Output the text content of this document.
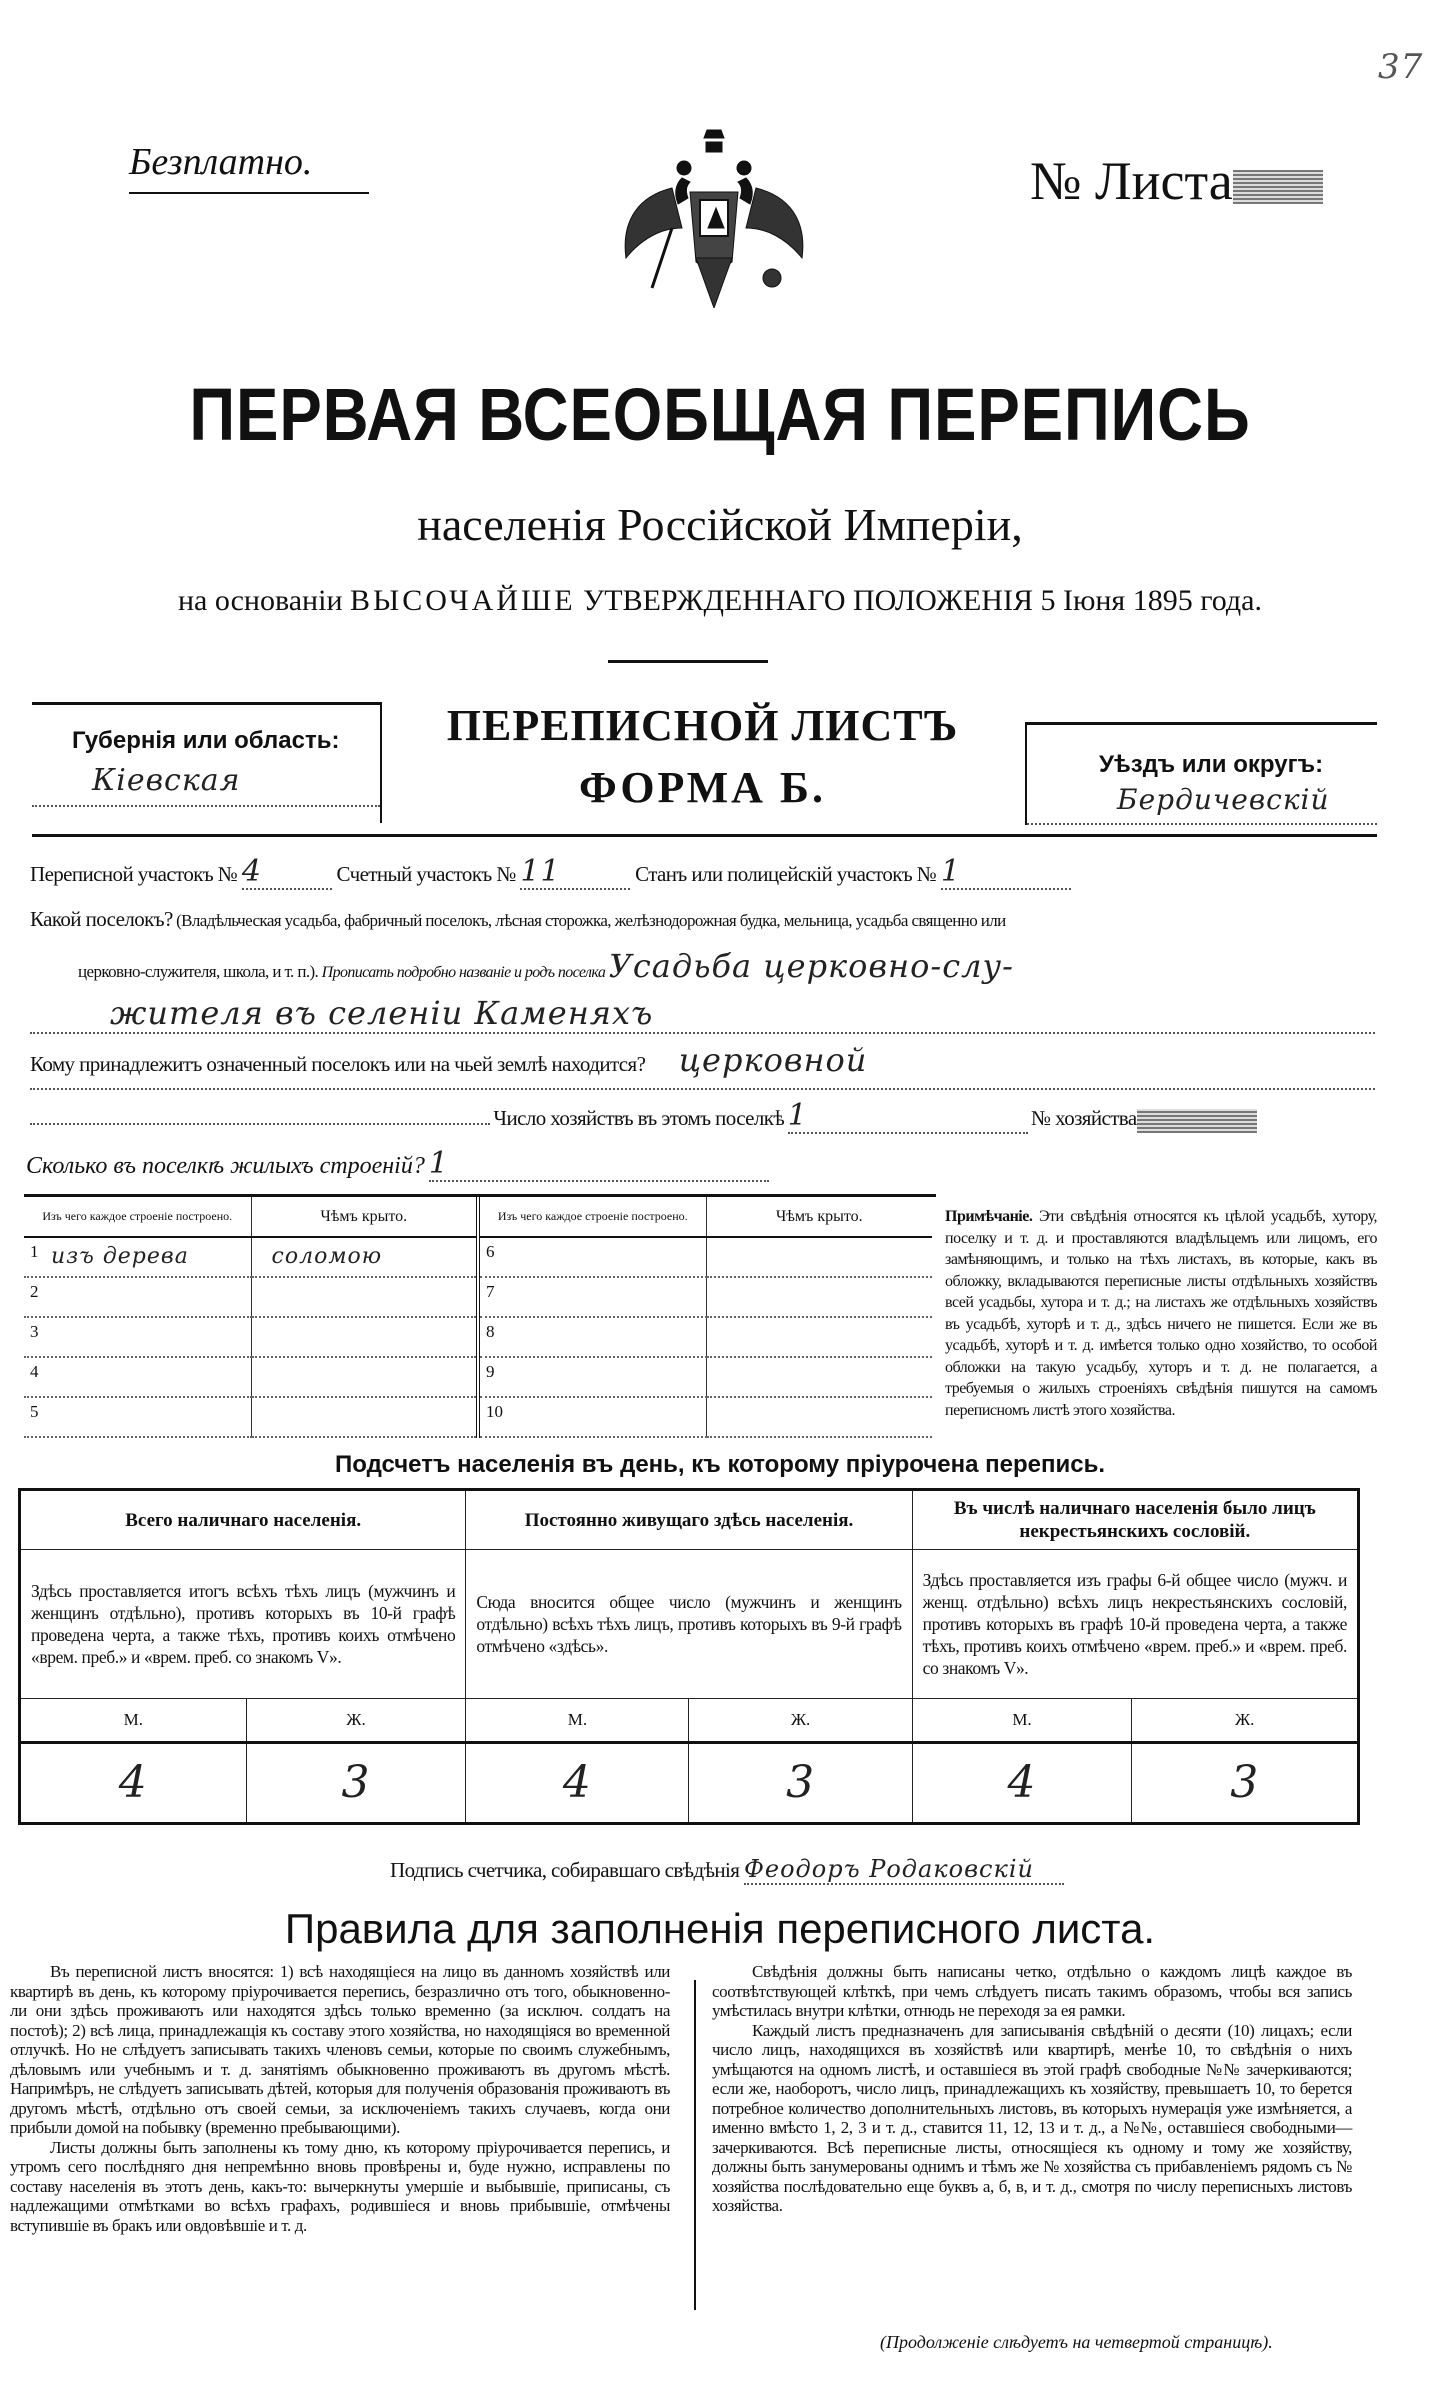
37
Безплатно.	№ Листа
ПЕРВАЯ ВСЕОБЩАЯ ПЕРЕПИСЬ
населенія Россійской Имперіи,
на основаніи ВЫСОЧАЙШЕ УТВЕРЖДЕННАГО ПОЛОЖЕНІЯ 5 Іюня 1895 года.
Губернія или область:
Кіевская
ПЕРЕПИСНОЙ ЛИСТЪ
ФОРМА Б.	Уѣздъ или округъ:
Бердичевскій
Переписной участокъ № 4	Счетный участокъ № 11	Станъ или полицейскій участокъ № 1
Какой поселокъ? (Владѣльческая усадьба, фабричный поселокъ, лѣсная сторожка, желѣзнодорожная будка, мельница, усадьба священно или
церковно-служителя, школа, и т. п.). Прописать подробно названіе и родъ поселка Усадьба церковно-слу-
жителя въ селеніи Каменяхъ
Кому принадлежитъ означенный поселокъ или на чьей землѣ находится? церковной
Число хозяйствъ въ этомъ поселкѣ 1	№ хозяйства
Сколько въ поселкѣ жилыхъ строеній? 1
Изъ чего каждое строеніе построено.	Чѣмъ крыто.

1 изъ дерева	соломою

2	

3	

4	

5	

Изъ чего каждое строеніе построено.	Чѣмъ крыто.

6	

7	

8	

9	

10	

Примѣчаніе. Эти свѣдѣнія относятся къ цѣлой усадьбѣ, хутору, поселку и т. д. и проставляются владѣльцемъ или лицомъ, его замѣняющимъ, и только на тѣхъ листахъ, въ которые, какъ въ обложку, вкладываются переписные листы отдѣльныхъ хозяйствъ всей усадьбы, хутора и т. д.; на листахъ же отдѣльныхъ хозяйствъ въ усадьбѣ, хуторѣ и т. д., здѣсь ничего не пишется. Если же въ усадьбѣ, хуторѣ и т. д. имѣется только одно хозяйство, то особой обложки на такую усадьбу, хуторъ и т. д. не полагается, а требуемыя о жилыхъ строеніяхъ свѣдѣнія пишутся на самомъ переписномъ листѣ этого хозяйства.
Подсчетъ населенія въ день, къ которому пріурочена перепись.
Всего наличнаго населенія.		Постоянно живущаго здѣсь населенія.		Въ числѣ наличнаго населенія было лицъ некрестьянскихъ сословій.	
Здѣсь проставляется итогъ всѣхъ тѣхъ лицъ (мужчинъ и женщинъ отдѣльно), противъ которыхъ въ 10-й графѣ проведена черта, а также тѣхъ, противъ коихъ отмѣчено «врем. преб.» и «врем. преб. со знакомъ V».		Сюда вносится общее число (мужчинъ и женщинъ отдѣльно) всѣхъ тѣхъ лицъ, противъ которыхъ въ 9-й графѣ отмѣчено «здѣсь».		Здѣсь проставляется изъ графы 6-й общее число (мужч. и женщ. отдѣльно) всѣхъ лицъ некрестьянскихъ сословій, противъ которыхъ въ графѣ 10-й проведена черта, а также тѣхъ, противъ коихъ отмѣчено «врем. преб.» и «врем. преб. со знакомъ V».	
М.	Ж.	М.	Ж.	М.	Ж.
4	3	4	3	4	3
Подпись счетчика, собиравшаго свѣдѣнія Феодоръ Родаковскій
Правила для заполненія переписного листа.

Въ переписной листъ вносятся: 1) всѣ находящіеся на лицо въ данномъ хозяйствѣ или квартирѣ въ день, къ которому пріурочивается перепись, безразлично отъ того, обыкновенно-ли они здѣсь проживаютъ или находятся здѣсь только временно (за исключ. солдатъ на постоѣ); 2) всѣ лица, принадлежащія къ составу этого хозяйства, но находящіяся во временной отлучкѣ. Но не слѣдуетъ записывать такихъ членовъ семьи, которые по своимъ служебнымъ, дѣловымъ или учебнымъ и т. д. занятіямъ обыкновенно проживаютъ въ другомъ мѣстѣ. Напримѣръ, не слѣдуетъ записывать дѣтей, которыя для полученія образованія проживаютъ въ другомъ мѣстѣ, отдѣльно отъ своей семьи, за исключеніемъ такихъ случаевъ, когда они прибыли домой на побывку (временно пребывающими).

Листы должны быть заполнены къ тому дню, къ которому пріурочивается перепись, и утромъ сего послѣдняго дня непремѣнно вновь провѣрены и, буде нужно, исправлены по составу населенія въ этотъ день, какъ-то: вычеркнуты умершіе и выбывшіе, приписаны, съ надлежащими отмѣтками во всѣхъ графахъ, родившіеся и вновь прибывшіе, отмѣчены вступившіе въ бракъ или овдовѣвшіе и т. д.

Свѣдѣнія должны быть написаны четко, отдѣльно о каждомъ лицѣ каждое въ соотвѣтствующей клѣткѣ, при чемъ слѣдуетъ писать такимъ образомъ, чтобы вся запись умѣстилась внутри клѣтки, отнюдь не переходя за ея рамки.

Каждый листъ предназначенъ для записыванія свѣдѣній о десяти (10) лицахъ; если число лицъ, находящихся въ хозяйствѣ или квартирѣ, менѣе 10, то свѣдѣнія о нихъ умѣщаются на одномъ листѣ, и оставшіеся въ этой графѣ свободные №№ зачеркиваются; если же, наоборотъ, число лицъ, принадлежащихъ къ хозяйству, превышаетъ 10, то берется потребное количество дополнительныхъ листовъ, въ которыхъ нумерація уже измѣняется, а именно вмѣсто 1, 2, 3 и т. д., ставится 11, 12, 13 и т. д., а №№, оставшіеся свободными—зачеркиваются. Всѣ переписные листы, относящіеся къ одному и тому же хозяйству, должны быть занумерованы однимъ и тѣмъ же № хозяйства съ прибавленіемъ рядомъ съ № хозяйства послѣдовательно еще буквъ а, б, в, и т. д., смотря по числу переписныхъ листовъ хозяйства.

(Продолженіе слѣдуетъ на четвертой страницѣ).
